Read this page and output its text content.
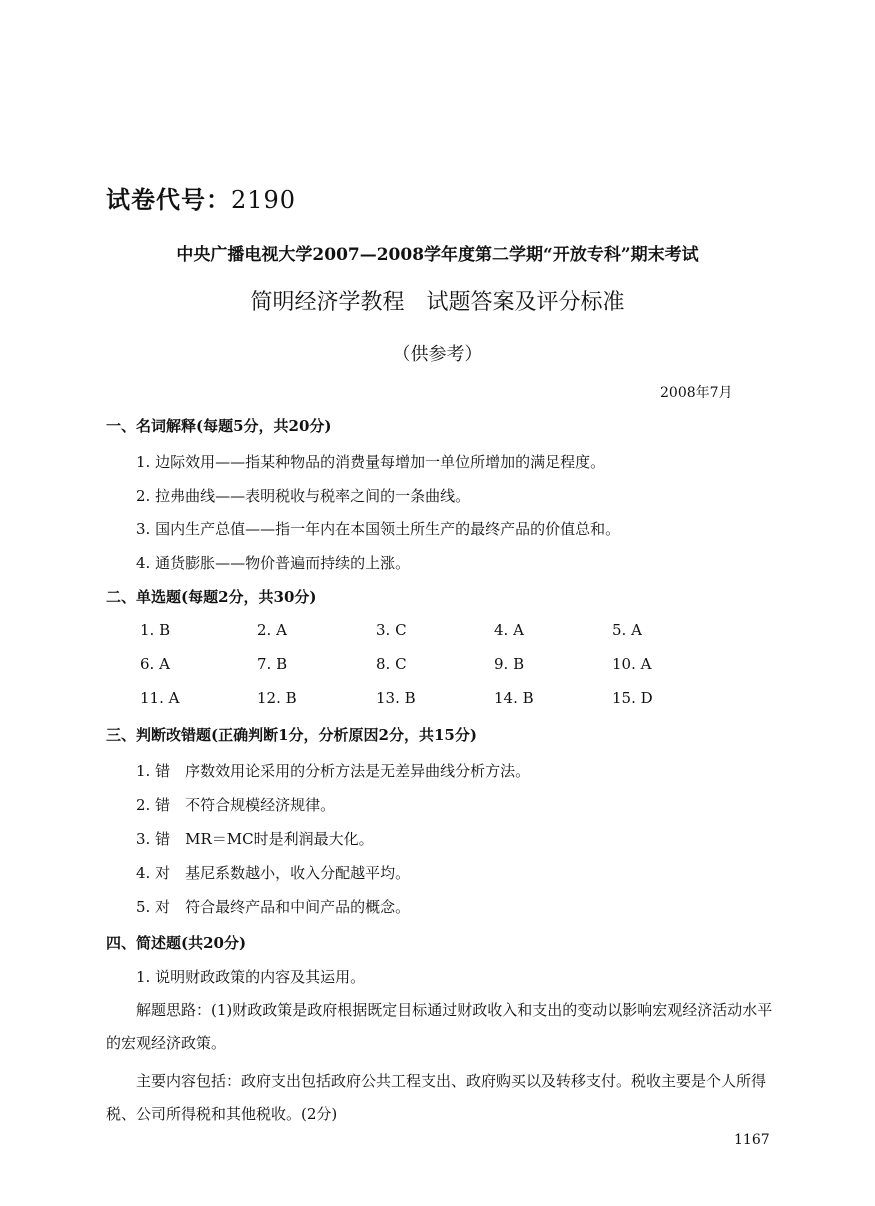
试卷代号：2190
中央广播电视大学2007—2008学年度第二学期“开放专科”期末考试
简明经济学教程　试题答案及评分标准
（供参考）
2008年7月
一、名词解释(每题5分，共20分)
1. 边际效用——指某种物品的消费量每增加一单位所增加的满足程度。
2. 拉弗曲线——表明税收与税率之间的一条曲线。
3. 国内生产总值——指一年内在本国领土所生产的最终产品的价值总和。
4. 通货膨胀——物价普遍而持续的上涨。
二、单选题(每题2分，共30分)
1. B	2. A	3. C	4. A	5. A
6. A	7. B	8. C	9. B	10. A
11. A	12. B	13. B	14. B	15. D
三、判断改错题(正确判断1分，分析原因2分，共15分)
1. 错　序数效用论采用的分析方法是无差异曲线分析方法。
2. 错　不符合规模经济规律。
3. 错　MR＝MC时是利润最大化。
4. 对　基尼系数越小，收入分配越平均。
5. 对　符合最终产品和中间产品的概念。
四、简述题(共20分)
1. 说明财政政策的内容及其运用。
解题思路：(1)财政政策是政府根据既定目标通过财政收入和支出的变动以影响宏观经济活动水平的宏观经济政策。
主要内容包括：政府支出包括政府公共工程支出、政府购买以及转移支付。税收主要是个人所得税、公司所得税和其他税收。(2分)
1167
